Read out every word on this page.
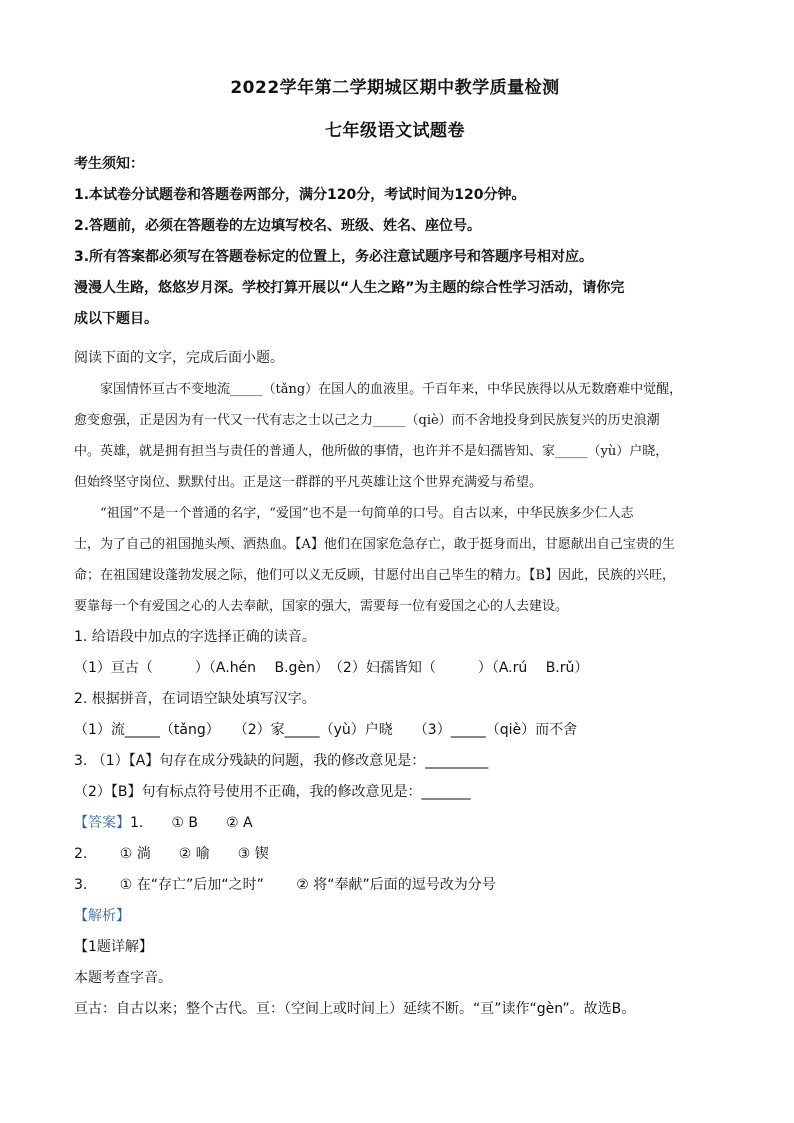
2022学年第二学期城区期中教学质量检测
七年级语文试题卷
考生须知：
1.本试卷分试题卷和答题卷两部分，满分120分，考试时间为120分钟。
2.答题前，必须在答题卷的左边填写校名、班级、姓名、座位号。
3.所有答案都必须写在答题卷标定的位置上，务必注意试题序号和答题序号相对应。
漫漫人生路，悠悠岁月深。学校打算开展以“人生之路”为主题的综合性学习活动，请你完
成以下题目。
阅读下面的文字，完成后面小题。
家国情怀亘古不变地流_____（tǎng）在国人的血液里。千百年来，中华民族得以从无数磨难中觉醒，
愈变愈强，正是因为有一代又一代有志之士以己之力_____（qiè）而不舍地投身到民族复兴的历史浪潮
中。英雄，就是拥有担当与责任的普通人，他所做的事情，也许并不是妇孺皆知、家_____（yù）户晓，
但始终坚守岗位、默默付出。正是这一群群的平凡英雄让这个世界充满爱与希望。
“祖国”不是一个普通的名字，“爱国”也不是一句简单的口号。自古以来，中华民族多少仁人志
士，为了自己的祖国抛头颅、洒热血。【A】他们在国家危急存亡，敢于挺身而出，甘愿献出自己宝贵的生
命；在祖国建设蓬勃发展之际，他们可以义无反顾，甘愿付出自己毕生的精力。【B】因此，民族的兴旺，
要靠每一个有爱国之心的人去奉献，国家的强大，需要每一位有爱国之心的人去建设。
1. 给语段中加点的字选择正确的读音。
（1）亘古（　　　）（A.hén　 B.gèn）　（2）妇孺皆知（　　　）（A.rú　 B.rǔ）
2. 根据拼音，在词语空缺处填写汉字。
（1）流_____（tǎng）　　（2）家_____（yù）户晓　　（3）_____（qiè）而不舍
3. （1）【A】句存在成分残缺的问题，我的修改意见是：_________
（2）【B】句有标点符号使用不正确，我的修改意见是：_______
【答案】1.　　① B　　② A
2.　　 ① 淌　　② 喻　　③ 锲
3.　　 ① 在“存亡”后加“之时”　　 ② 将“奉献”后面的逗号改为分号
【解析】
【1题详解】
本题考查字音。
亘古：自古以来；整个古代。亘：（空间上或时间上）延续不断。“亘”读作“gèn”。故选B。
